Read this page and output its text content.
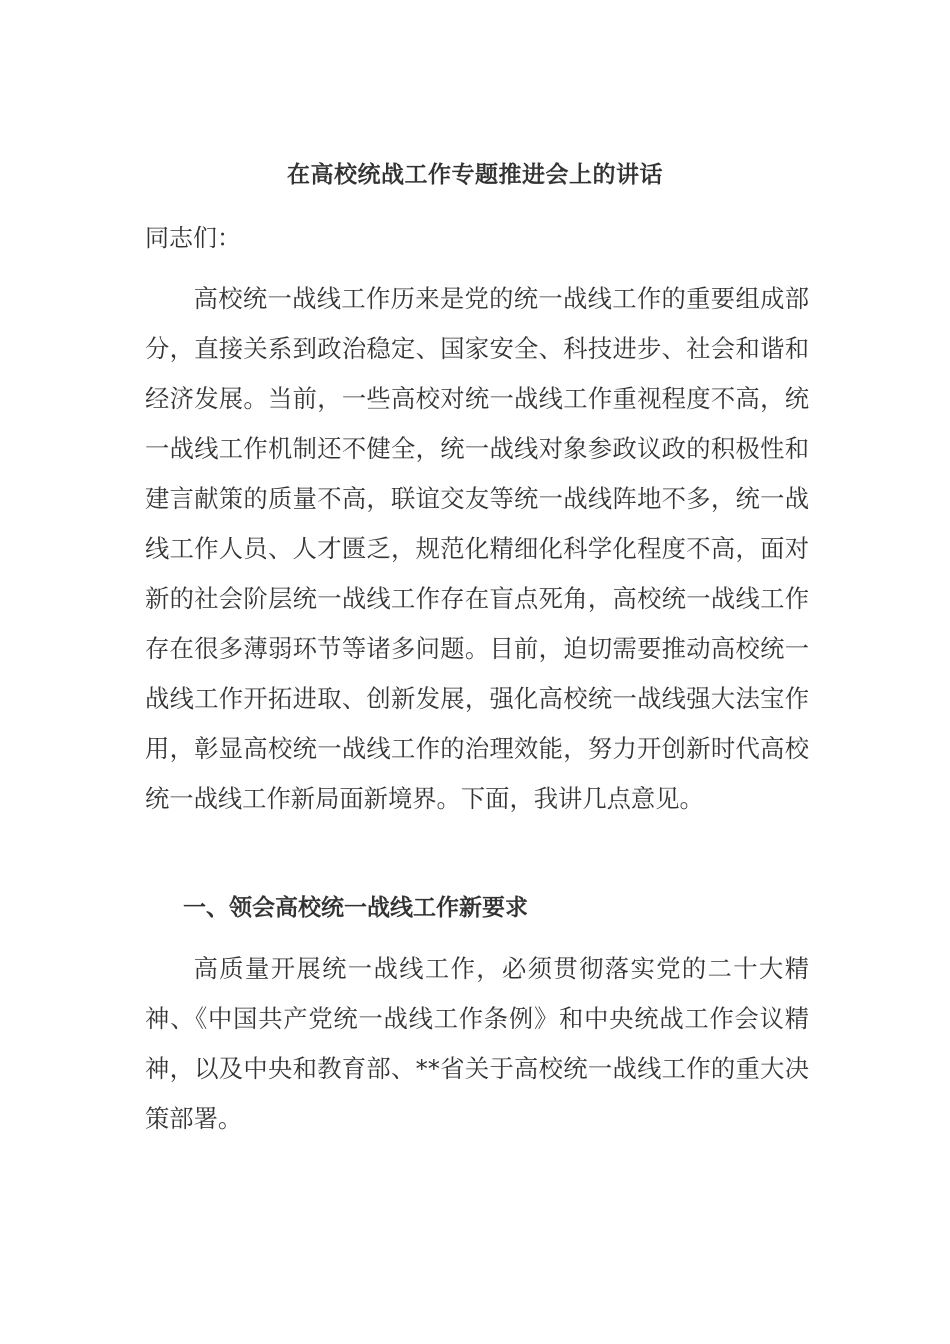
在高校统战工作专题推进会上的讲话
同志们：

高校统一战线工作历来是党的统一战线工作的重要组成部分，直接关系到政治稳定、国家安全、科技进步、社会和谐和经济发展。当前，一些高校对统一战线工作重视程度不高，统一战线工作机制还不健全，统一战线对象参政议政的积极性和建言献策的质量不高，联谊交友等统一战线阵地不多，统一战线工作人员、人才匮乏，规范化精细化科学化程度不高，面对新的社会阶层统一战线工作存在盲点死角，高校统一战线工作存在很多薄弱环节等诸多问题。目前，迫切需要推动高校统一战线工作开拓进取、创新发展，强化高校统一战线强大法宝作用，彰显高校统一战线工作的治理效能，努力开创新时代高校统一战线工作新局面新境界。下面，我讲几点意见。

一、领会高校统一战线工作新要求

高质量开展统一战线工作，必须贯彻落实党的二十大精神、《中国共产党统一战线工作条例》和中央统战工作会议精神，以及中央和教育部、**省关于高校统一战线工作的重大决策部署。
